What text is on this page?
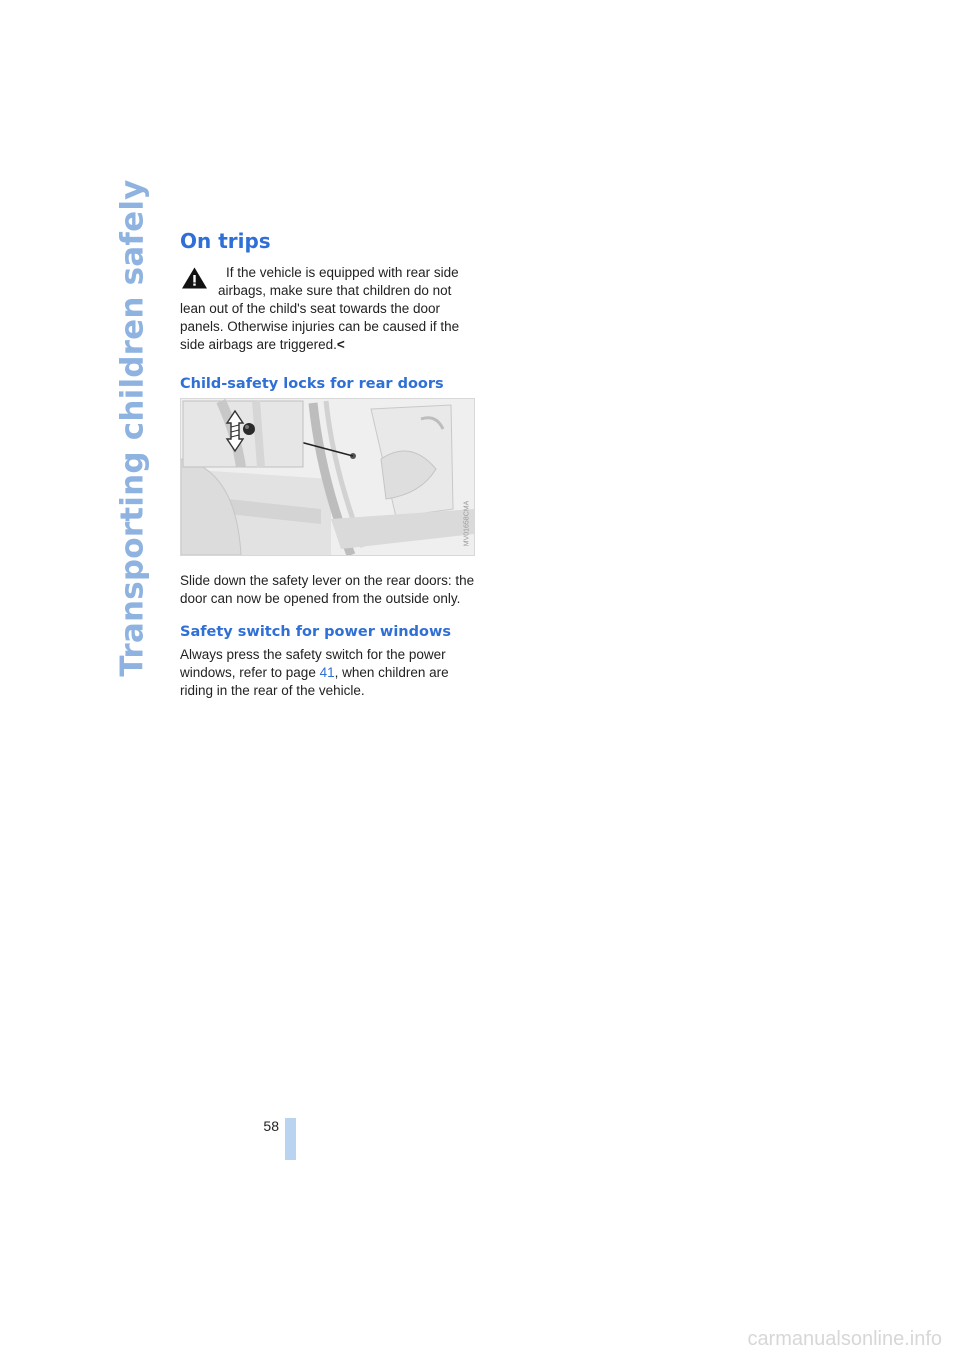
Transporting children safely On trips

If the vehicle is equipped with rear side airbags, make sure that children do not lean out of the child's seat towards the door panels. Otherwise injuries can be caused if the side airbags are triggered.<

Child-safety locks for rear doors
MV01658CMA

Slide down the safety lever on the rear doors: the door can now be opened from the outside only.

Safety switch for power windows

Always press the safety switch for the power windows, refer to page 41, when children are riding in the rear of the vehicle.

58
carmanualsonline.info
